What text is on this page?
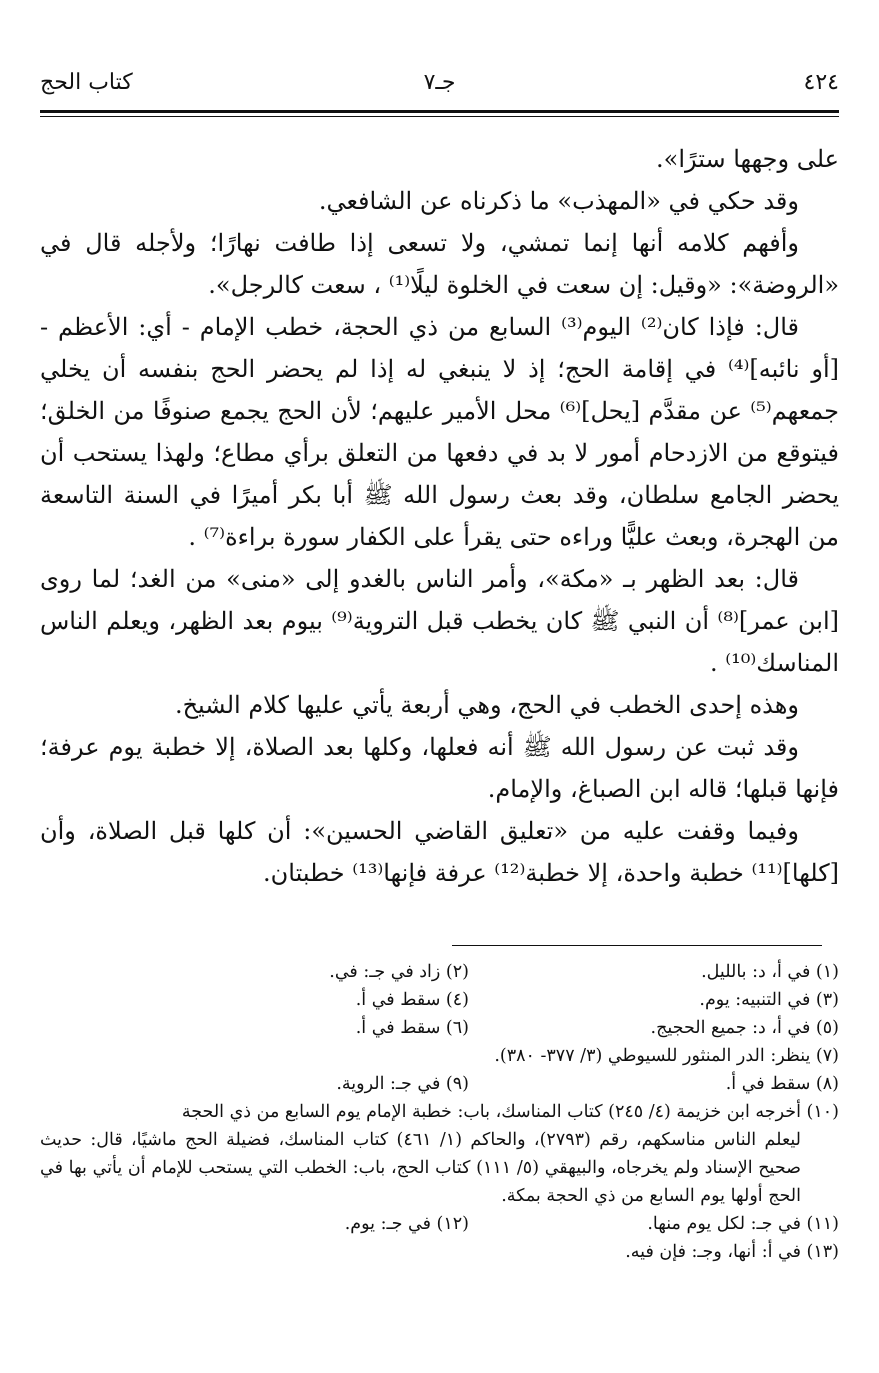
٤٢٤
جـ٧
كتاب الحج

على وجهها سترًا».

وقد حكي في «المهذب» ما ذكرناه عن الشافعي.

وأفهم كلامه أنها إنما تمشي، ولا تسعى إذا طافت نهارًا؛ ولأجله قال في «الروضة»: «وقيل: إن سعت في الخلوة ليلًا⁽¹⁾ ، سعت كالرجل».

قال: فإذا كان⁽²⁾ اليوم⁽³⁾ السابع من ذي الحجة، خطب الإمام - أي: الأعظم - [أو نائبه]⁽⁴⁾ في إقامة الحج؛ إذ لا ينبغي له إذا لم يحضر الحج بنفسه أن يخلي جمعهم⁽⁵⁾ عن مقدَّم [يحل]⁽⁶⁾ محل الأمير عليهم؛ لأن الحج يجمع صنوفًا من الخلق؛ فيتوقع من الازدحام أمور لا بد في دفعها من التعلق برأي مطاع؛ ولهذا يستحب أن يحضر الجامع سلطان، وقد بعث رسول الله ﷺ أبا بكر أميرًا في السنة التاسعة من الهجرة، وبعث عليًّا وراءه حتى يقرأ على الكفار سورة براءة⁽⁷⁾ .

قال: بعد الظهر بـ «مكة»، وأمر الناس بالغدو إلى «منى» من الغد؛ لما روى [ابن عمر]⁽⁸⁾ أن النبي ﷺ كان يخطب قبل التروية⁽⁹⁾ بيوم بعد الظهر، ويعلم الناس المناسك⁽¹⁰⁾ .

وهذه إحدى الخطب في الحج، وهي أربعة يأتي عليها كلام الشيخ.

وقد ثبت عن رسول الله ﷺ أنه فعلها، وكلها بعد الصلاة، إلا خطبة يوم عرفة؛ فإنها قبلها؛ قاله ابن الصباغ، والإمام.

وفيما وقفت عليه من «تعليق القاضي الحسين»: أن كلها قبل الصلاة، وأن [كلها]⁽¹¹⁾ خطبة واحدة، إلا خطبة⁽¹²⁾ عرفة فإنها⁽¹³⁾ خطبتان.

(١) في أ، د: بالليل.
(٢) زاد في جـ: في.
(٣) في التنبيه: يوم.
(٤) سقط في أ.
(٥) في أ، د: جميع الحجيج.
(٦) سقط في أ.
(٧) ينظر: الدر المنثور للسيوطي (٣/ ٣٧٧- ٣٨٠).
(٨) سقط في أ.
(٩) في جـ: الروية.
(١٠) أخرجه ابن خزيمة (٤/ ٢٤٥) كتاب المناسك، باب: خطبة الإمام يوم السابع من ذي الحجة
ليعلم الناس مناسكهم، رقم (٢٧٩٣)، والحاكم (١/ ٤٦١) كتاب المناسك، فضيلة الحج ماشيًا، قال: حديث صحيح الإسناد ولم يخرجاه، والبيهقي (٥/ ١١١) كتاب الحج، باب: الخطب التي يستحب للإمام أن يأتي بها في الحج أولها يوم السابع من ذي الحجة بمكة.
(١١) في جـ: لكل يوم منها.
(١٢) في جـ: يوم.
(١٣) في أ: أنها، وجـ: فإن فيه.
